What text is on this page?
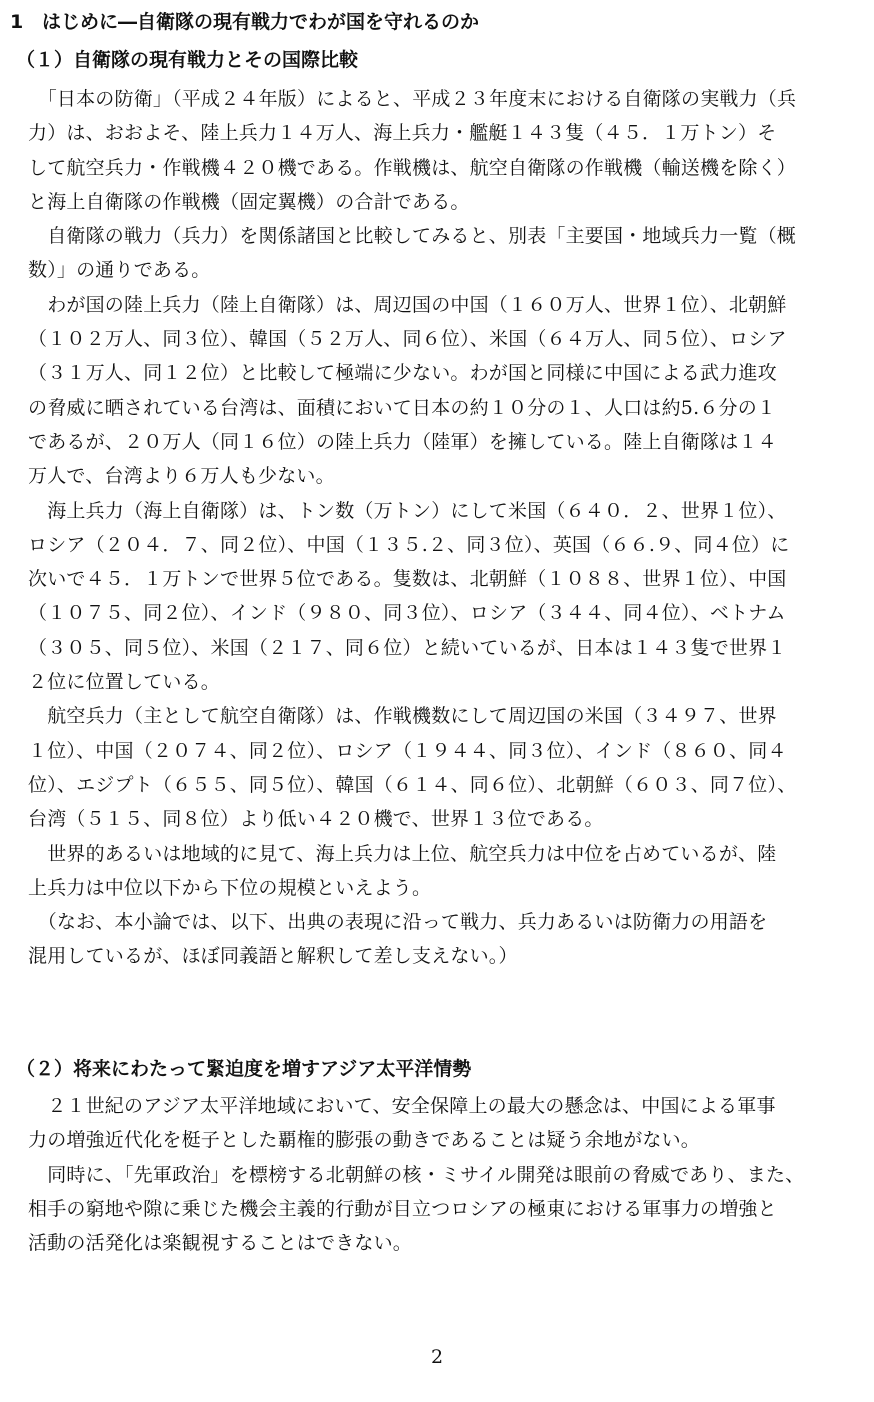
1 はじめに―自衛隊の現有戦力でわが国を守れるのか
（１）自衛隊の現有戦力とその国際比較
　「日本の防衛」（平成２４年版）によると、平成２３年度末における自衛隊の実戦力（兵
力）は、おおよそ、陸上兵力１４万人、海上兵力・艦艇１４３隻（４５．１万トン）そ
して航空兵力・作戦機４２０機である。作戦機は、航空自衛隊の作戦機（輸送機を除く）
と海上自衛隊の作戦機（固定翼機）の合計である。
　自衛隊の戦力（兵力）を関係諸国と比較してみると、別表「主要国・地域兵力一覧（概
数）」の通りである。
　わが国の陸上兵力（陸上自衛隊）は、周辺国の中国（１６０万人、世界１位）、北朝鮮
（１０２万人、同３位）、韓国（５２万人、同６位）、米国（６４万人、同５位）、ロシア
（３１万人、同１２位）と比較して極端に少ない。わが国と同様に中国による武力進攻
の脅威に晒されている台湾は、面積において日本の約１０分の１、人口は約5.６分の１
であるが、２０万人（同１６位）の陸上兵力（陸軍）を擁している。陸上自衛隊は１４
万人で、台湾より６万人も少ない。
　海上兵力（海上自衛隊）は、トン数（万トン）にして米国（６４０．２、世界１位）、
ロシア（２０４．７、同２位）、中国（１３５.２、同３位）、英国（６６.９、同４位）に
次いで４５．１万トンで世界５位である。隻数は、北朝鮮（１０８８、世界１位）、中国
（１０７５、同２位）、インド（９８０、同３位）、ロシア（３４４、同４位）、ベトナム
（３０５、同５位）、米国（２１７、同６位）と続いているが、日本は１４３隻で世界１
２位に位置している。
　航空兵力（主として航空自衛隊）は、作戦機数にして周辺国の米国（３４９７、世界
１位）、中国（２０７４、同２位）、ロシア（１９４４、同３位）、インド（８６０、同４
位）、エジプト（６５５、同５位）、韓国（６１４、同６位）、北朝鮮（６０３、同７位）、
台湾（５１５、同８位）より低い４２０機で、世界１３位である。
　世界的あるいは地域的に見て、海上兵力は上位、航空兵力は中位を占めているが、陸
上兵力は中位以下から下位の規模といえよう。
　（なお、本小論では、以下、出典の表現に沿って戦力、兵力あるいは防衛力の用語を
混用しているが、ほぼ同義語と解釈して差し支えない。）
（２）将来にわたって緊迫度を増すアジア太平洋情勢
　２１世紀のアジア太平洋地域において、安全保障上の最大の懸念は、中国による軍事
力の増強近代化を梃子とした覇権的膨張の動きであることは疑う余地がない。
　同時に、「先軍政治」を標榜する北朝鮮の核・ミサイル開発は眼前の脅威であり、また、
相手の窮地や隙に乗じた機会主義的行動が目立つロシアの極東における軍事力の増強と
活動の活発化は楽観視することはできない。
2
